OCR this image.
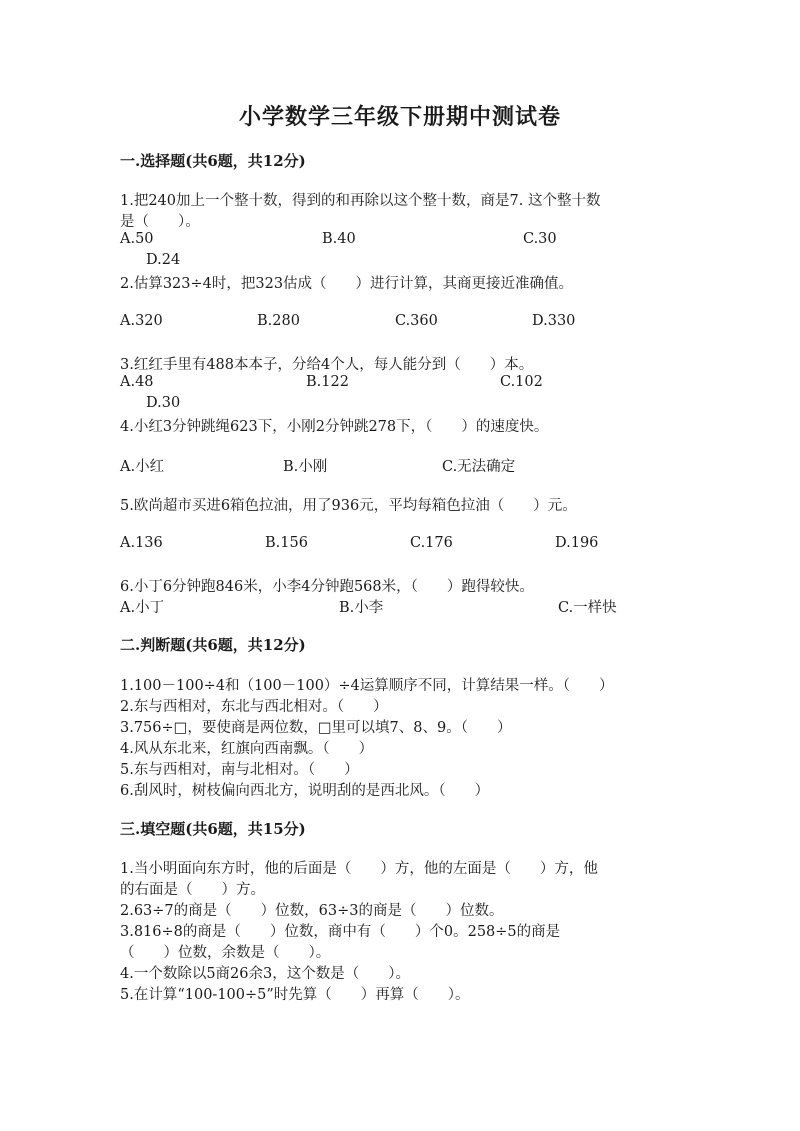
小学数学三年级下册期中测试卷
一.选择题(共6题，共12分)
1.把240加上一个整十数，得到的和再除以这个整十数，商是7. 这个整十数
是（　　）。
A.50	B.40	C.30
D.24
2.估算323÷4时，把323估成（　　）进行计算，其商更接近准确值。
A.320	B.280	C.360	D.330
3.红红手里有488本本子，分给4个人，每人能分到（　　）本。
A.48	B.122	C.102
D.30
4.小红3分钟跳绳623下，小刚2分钟跳278下，（　　）的速度快。
A.小红	B.小刚	C.无法确定
5.欧尚超市买进6箱色拉油，用了936元，平均每箱色拉油（　　）元。
A.136	B.156	C.176	D.196
6.小丁6分钟跑846米，小李4分钟跑568米，（　　）跑得较快。
A.小丁	B.小李	C.一样快
二.判断题(共6题，共12分)
1.100－100÷4和（100－100）÷4运算顺序不同，计算结果一样。（　　）
2.东与西相对，东北与西北相对。（　　）
3.756÷□，要使商是两位数，□里可以填7、8、9。（　　）
4.风从东北来，红旗向西南飘。（　　）
5.东与西相对，南与北相对。（　　）
6.刮风时，树枝偏向西北方，说明刮的是西北风。（　　）
三.填空题(共6题，共15分)
1.当小明面向东方时，他的后面是（　　）方，他的左面是（　　）方，他
的右面是（　　）方。
2.63÷7的商是（　　）位数，63÷3的商是（　　）位数。
3.816÷8的商是（　　）位数，商中有（　　）个0。258÷5的商是
（　　）位数，余数是（　　）。
4.一个数除以5商26余3，这个数是（　　）。
5.在计算“100-100÷5”时先算（　　）再算（　　）。
